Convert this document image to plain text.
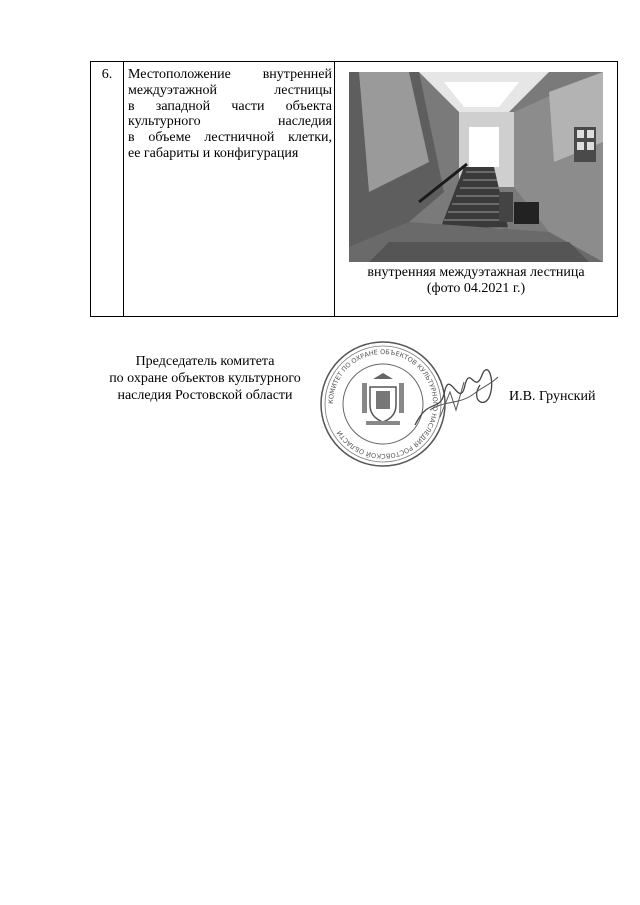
6.	Местоположение внутренней
междуэтажной лестницы
в западной части объекта
культурного наследия
в объеме лестничной клетки,
ее габариты и конфигурация

внутренняя междуэтажная лестница
(фото 04.2021 г.)
Председатель комитета
по охране объектов культурного
наследия Ростовской области	КОМИТЕТ ПО ОХРАНЕ ОБЪЕКТОВ КУЛЬТУРНОГО НАСЛЕДИЯ РОСТОВСКОЙ ОБЛАСТИ
И.В. Грунский
